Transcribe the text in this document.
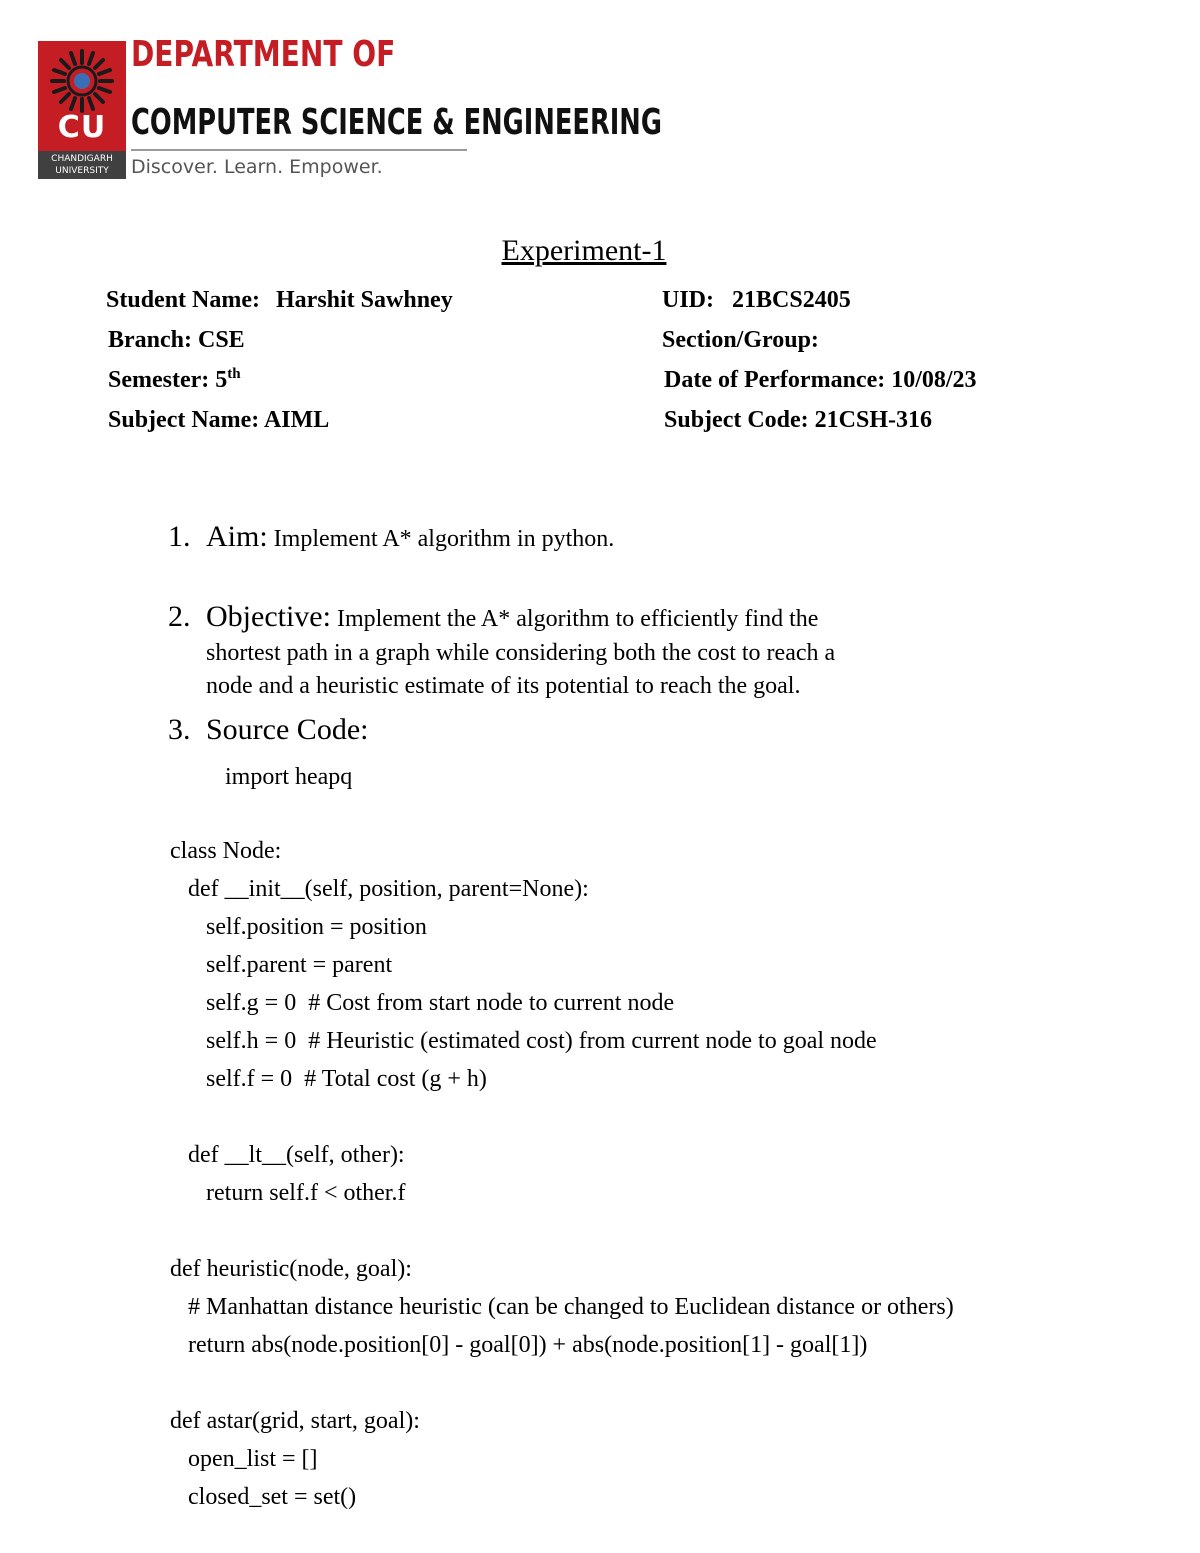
CU
CHANDIGARH
UNIVERSITY
DEPARTMENT OF
COMPUTER SCIENCE & ENGINEERING
Discover. Learn. Empower.
Experiment-1
Student Name: Harshit Sawhney	UID: 21BCS2405
Branch: CSE	Section/Group:
Semester: 5th	Date of Performance: 10/08/23
Subject Name: AIML	Subject Code: 21CSH-316
1. Aim: Implement A* algorithm in python.
2. Objective: Implement the A* algorithm to efficiently find the
shortest path in a graph while considering both the cost to reach a
node and a heuristic estimate of its potential to reach the goal.
3. Source Code:
import heapq
class Node:
def __init__(self, position, parent=None):
self.position = position
self.parent = parent
self.g = 0  # Cost from start node to current node
self.h = 0  # Heuristic (estimated cost) from current node to goal node
self.f = 0  # Total cost (g + h)

def __lt__(self, other):
return self.f < other.f

def heuristic(node, goal):
# Manhattan distance heuristic (can be changed to Euclidean distance or others)
return abs(node.position[0] - goal[0]) + abs(node.position[1] - goal[1])

def astar(grid, start, goal):
open_list = []
closed_set = set()
